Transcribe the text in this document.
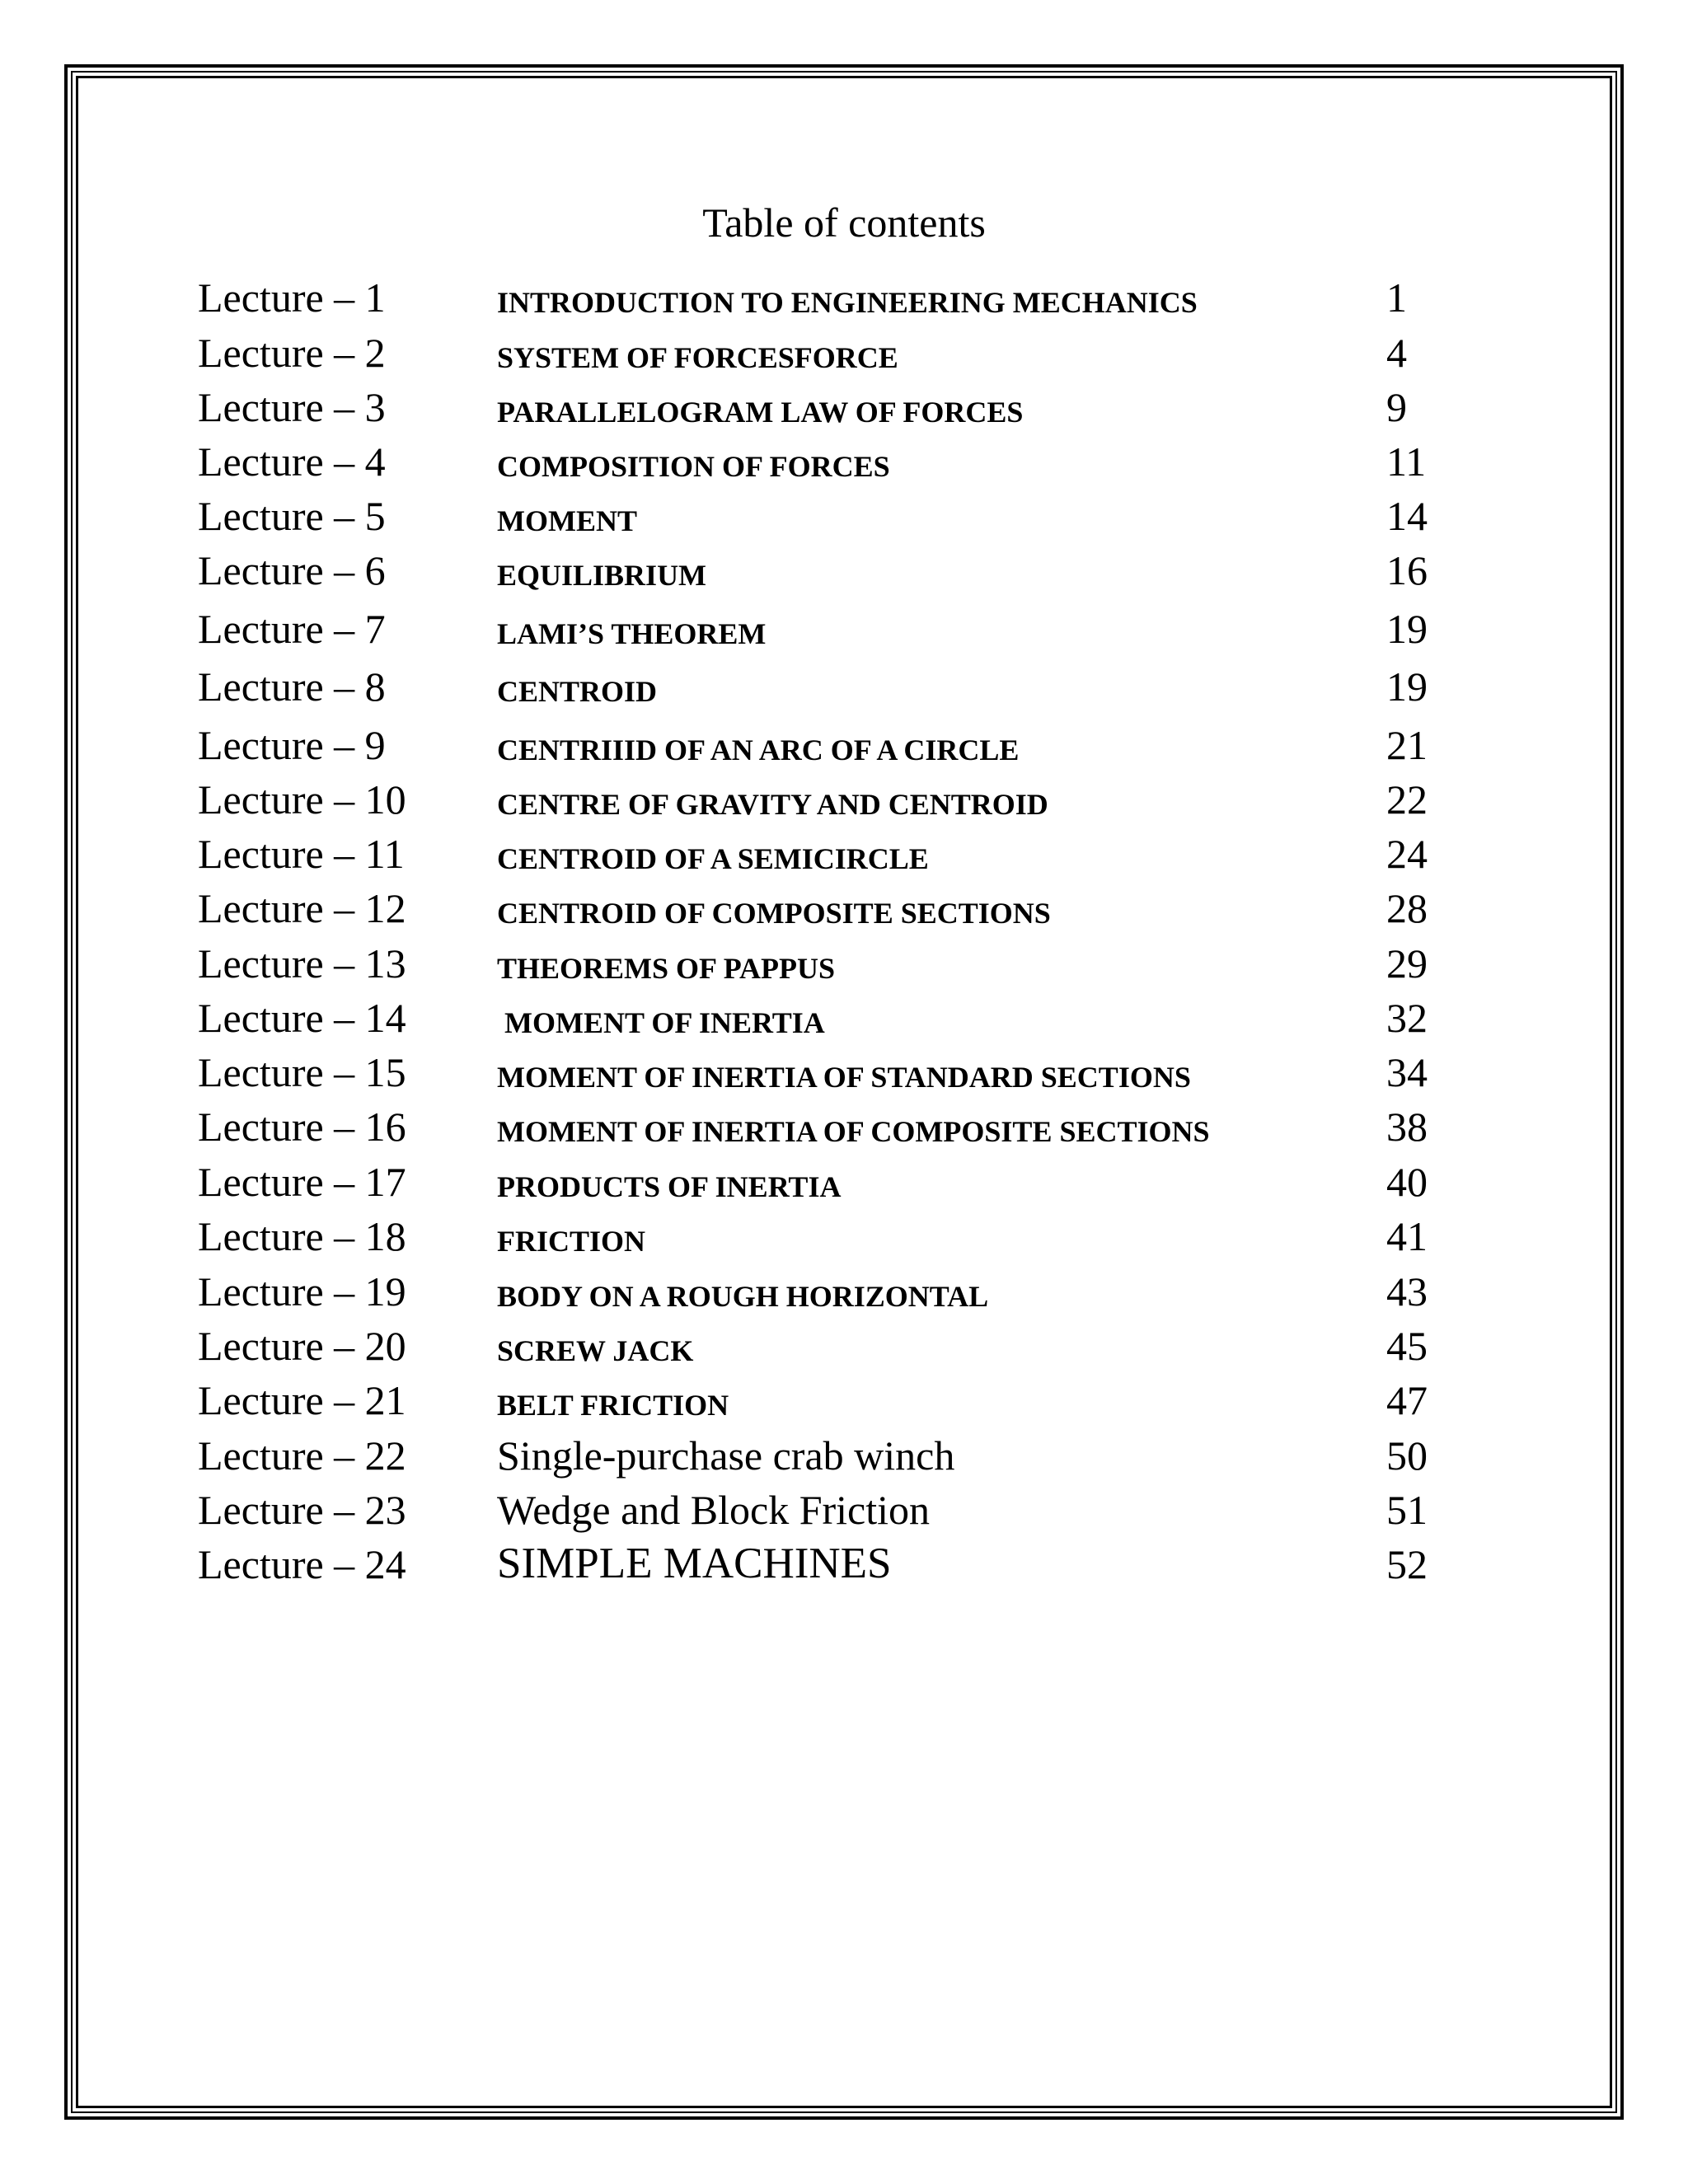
Table of contents
Lecture – 1	INTRODUCTION TO ENGINEERING MECHANICS	1
Lecture – 2	SYSTEM OF FORCESFORCE	4
Lecture – 3	PARALLELOGRAM LAW OF FORCES	9
Lecture – 4	COMPOSITION OF FORCES	11
Lecture – 5	MOMENT	14
Lecture – 6	EQUILIBRIUM	16
Lecture – 7	LAMI’S THEOREM	19
Lecture – 8	CENTROID	19
Lecture – 9	CENTRIIID OF AN ARC OF A CIRCLE	21
Lecture – 10	CENTRE OF GRAVITY AND CENTROID	22
Lecture – 11	CENTROID OF A SEMICIRCLE	24
Lecture – 12	CENTROID OF COMPOSITE SECTIONS	28
Lecture – 13	THEOREMS OF PAPPUS	29
Lecture – 14	MOMENT OF INERTIA	32
Lecture – 15	MOMENT OF INERTIA OF STANDARD SECTIONS	34
Lecture – 16	MOMENT OF INERTIA OF COMPOSITE SECTIONS	38
Lecture – 17	PRODUCTS OF INERTIA	40
Lecture – 18	FRICTION	41
Lecture – 19	BODY ON A ROUGH HORIZONTAL	43
Lecture – 20	SCREW JACK	45
Lecture – 21	BELT FRICTION	47
Lecture – 22 Single-purchase crab winch	50
Lecture – 23 Wedge and Block Friction	51
Lecture – 24 SIMPLE MACHINES	52
